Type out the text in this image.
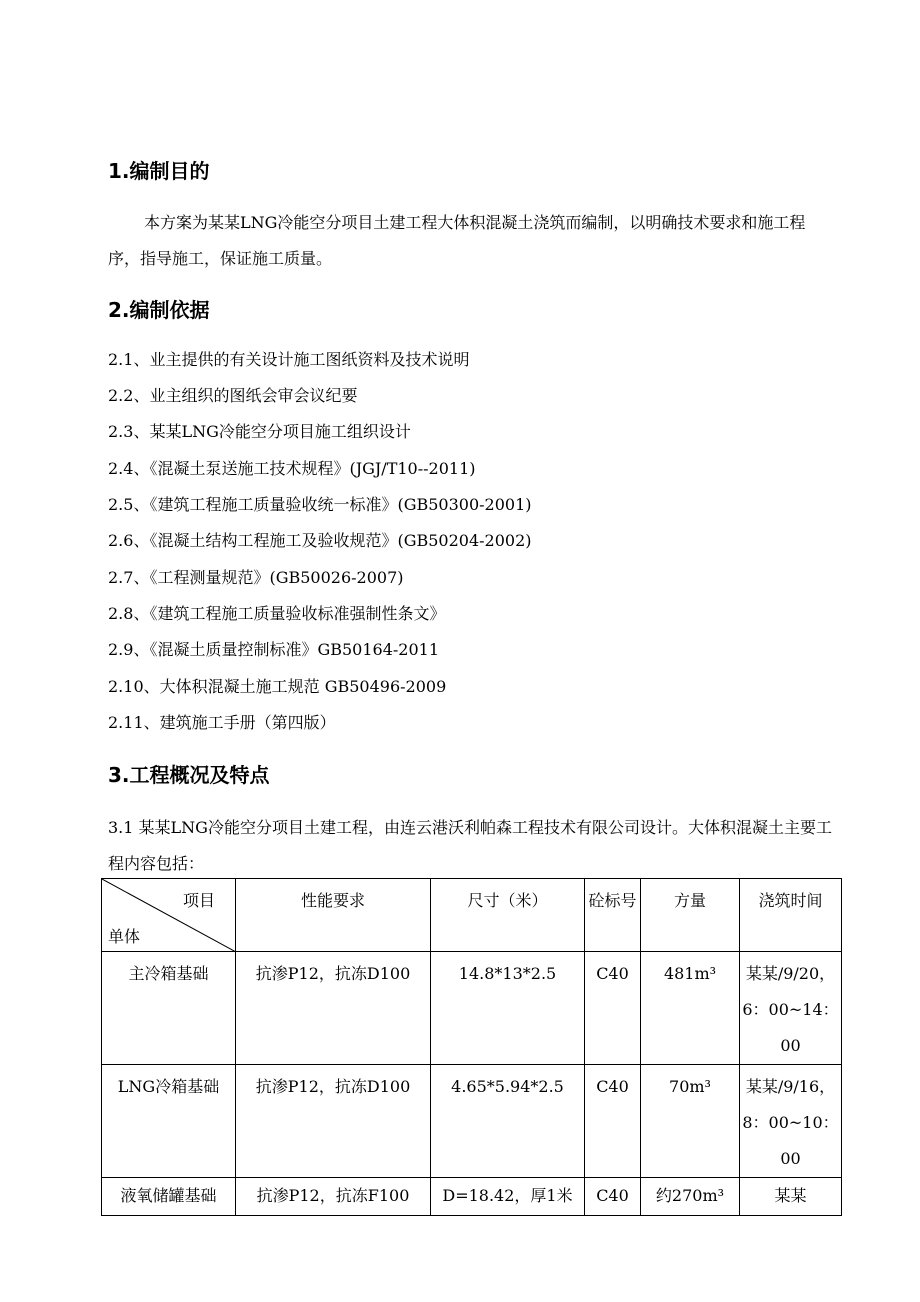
1.编制目的
本方案为某某LNG冷能空分项目土建工程大体积混凝土浇筑而编制，以明确技术要求和施工程序，指导施工，保证施工质量。
2.编制依据
2.1、业主提供的有关设计施工图纸资料及技术说明
2.2、业主组织的图纸会审会议纪要
2.3、某某LNG冷能空分项目施工组织设计
2.4、《混凝土泵送施工技术规程》(JGJ/T10--2011)
2.5、《建筑工程施工质量验收统一标准》(GB50300-2001)
2.6、《混凝土结构工程施工及验收规范》(GB50204-2002)
2.7、《工程测量规范》(GB50026-2007)
2.8、《建筑工程施工质量验收标准强制性条文》
2.9、《混凝土质量控制标准》GB50164-2011
2.10、大体积混凝土施工规范 GB50496-2009
2.11、建筑施工手册（第四版）
3.工程概况及特点
3.1 某某LNG冷能空分项目土建工程，由连云港沃利帕森工程技术有限公司设计。大体积混凝土主要工程内容包括：
项目
单体	性能要求	尺寸（米）	砼标号	方量	浇筑时间
主冷箱基础	抗渗P12，抗冻D100	14.8*13*2.5	C40	481m³	某某/9/20，6：00~14：00
LNG冷箱基础	抗渗P12，抗冻D100	4.65*5.94*2.5	C40	70m³	某某/9/16，8：00~10：00
液氧储罐基础	抗渗P12，抗冻F100	D=18.42，厚1米	C40	约270m³	某某
